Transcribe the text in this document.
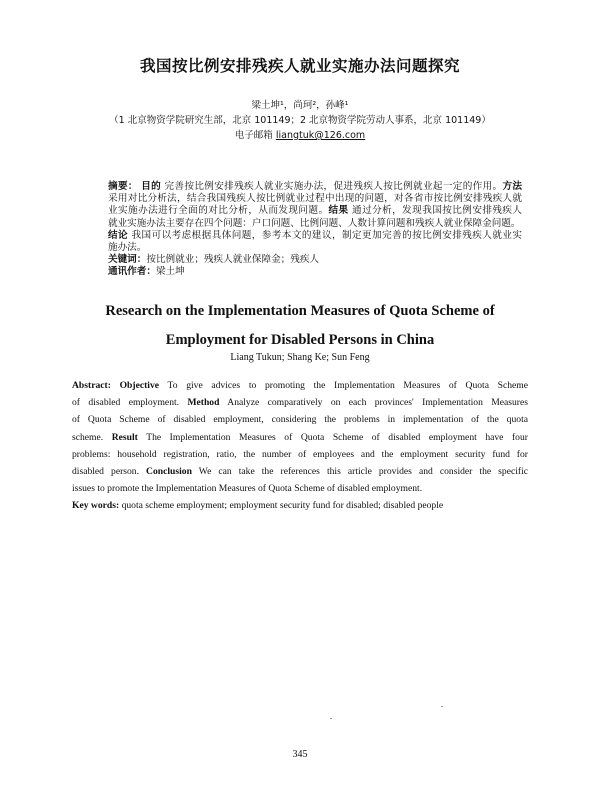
我国按比例安排残疾人就业实施办法问题探究
梁土坤¹，尚珂²，孙峰¹
（1 北京物资学院研究生部，北京 101149；2 北京物资学院劳动人事系，北京 101149）
电子邮箱 liangtuk@126.com
摘要： 目的 完善按比例安排残疾人就业实施办法，促进残疾人按比例就业起一定的作用。方法
采用对比分析法，结合我国残疾人按比例就业过程中出现的问题，对各省市按比例安排残疾人就
业实施办法进行全面的对比分析，从而发现问题。结果 通过分析，发现我国按比例安排残疾人
就业实施办法主要存在四个问题：户口问题、比例问题、人数计算问题和残疾人就业保障金问题。
结论 我国可以考虑根据具体问题，参考本文的建议，制定更加完善的按比例安排残疾人就业实
施办法。
关键词：按比例就业；残疾人就业保障金；残疾人
通讯作者：梁土坤
Research on the Implementation Measures of Quota Scheme of
Employment for Disabled Persons in China
Liang Tukun; Shang Ke; Sun Feng
Abstract: Objective To give advices to promoting the Implementation Measures of Quota Scheme
of disabled employment. Method Analyze comparatively on each provinces' Implementation Measures
of Quota Scheme of disabled employment, considering the problems in implementation of the quota
scheme. Result The Implementation Measures of Quota Scheme of disabled employment have four
problems: household registration, ratio, the number of employees and the employment security fund for
disabled person. Conclusion We can take the references this article provides and consider the specific
issues to promote the Implementation Measures of Quota Scheme of disabled employment.
Key words: quota scheme employment; employment security fund for disabled; disabled people
345
